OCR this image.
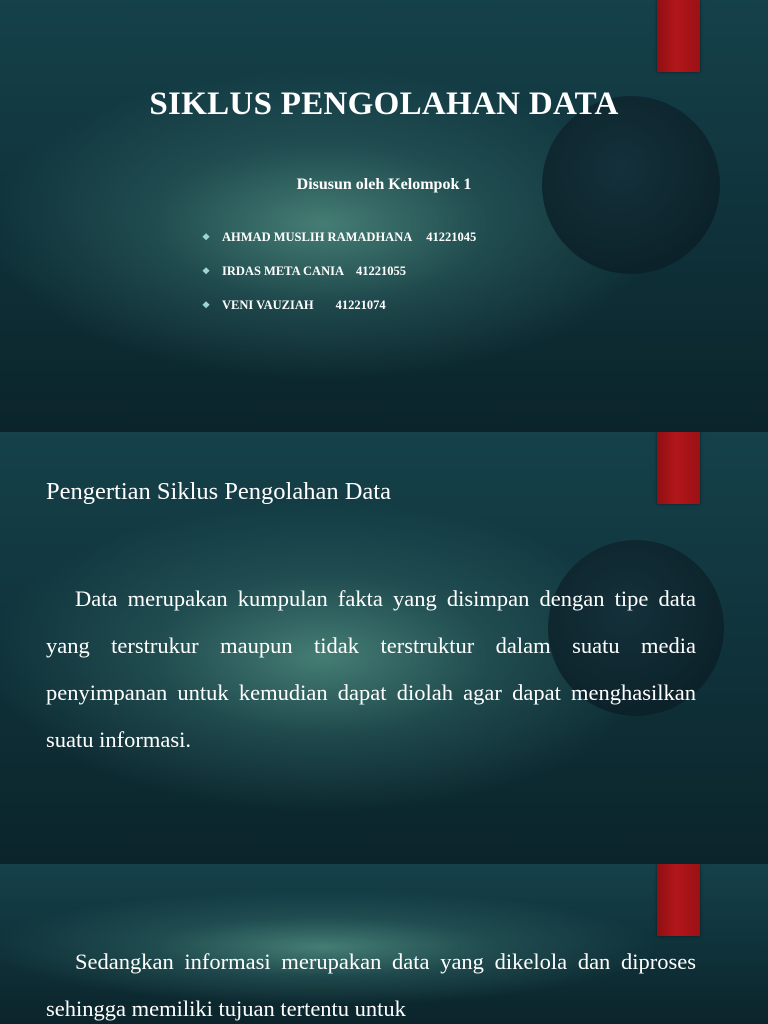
SIKLUS PENGOLAHAN DATA

Disusun oleh Kelompok 1

❖ AHMAD MUSLIH RAMADHANA 41221045
❖ IRDAS META CANIA 41221055
❖ VENI VAUZIAH 41221074
Pengertian Siklus Pengolahan Data

Data merupakan kumpulan fakta yang disimpan dengan tipe data yang terstrukur maupun tidak terstruktur dalam suatu media penyimpanan untuk kemudian dapat diolah agar dapat menghasilkan suatu informasi.

Sedangkan informasi merupakan data yang dikelola dan diproses sehingga memiliki tujuan tertentu untuk
